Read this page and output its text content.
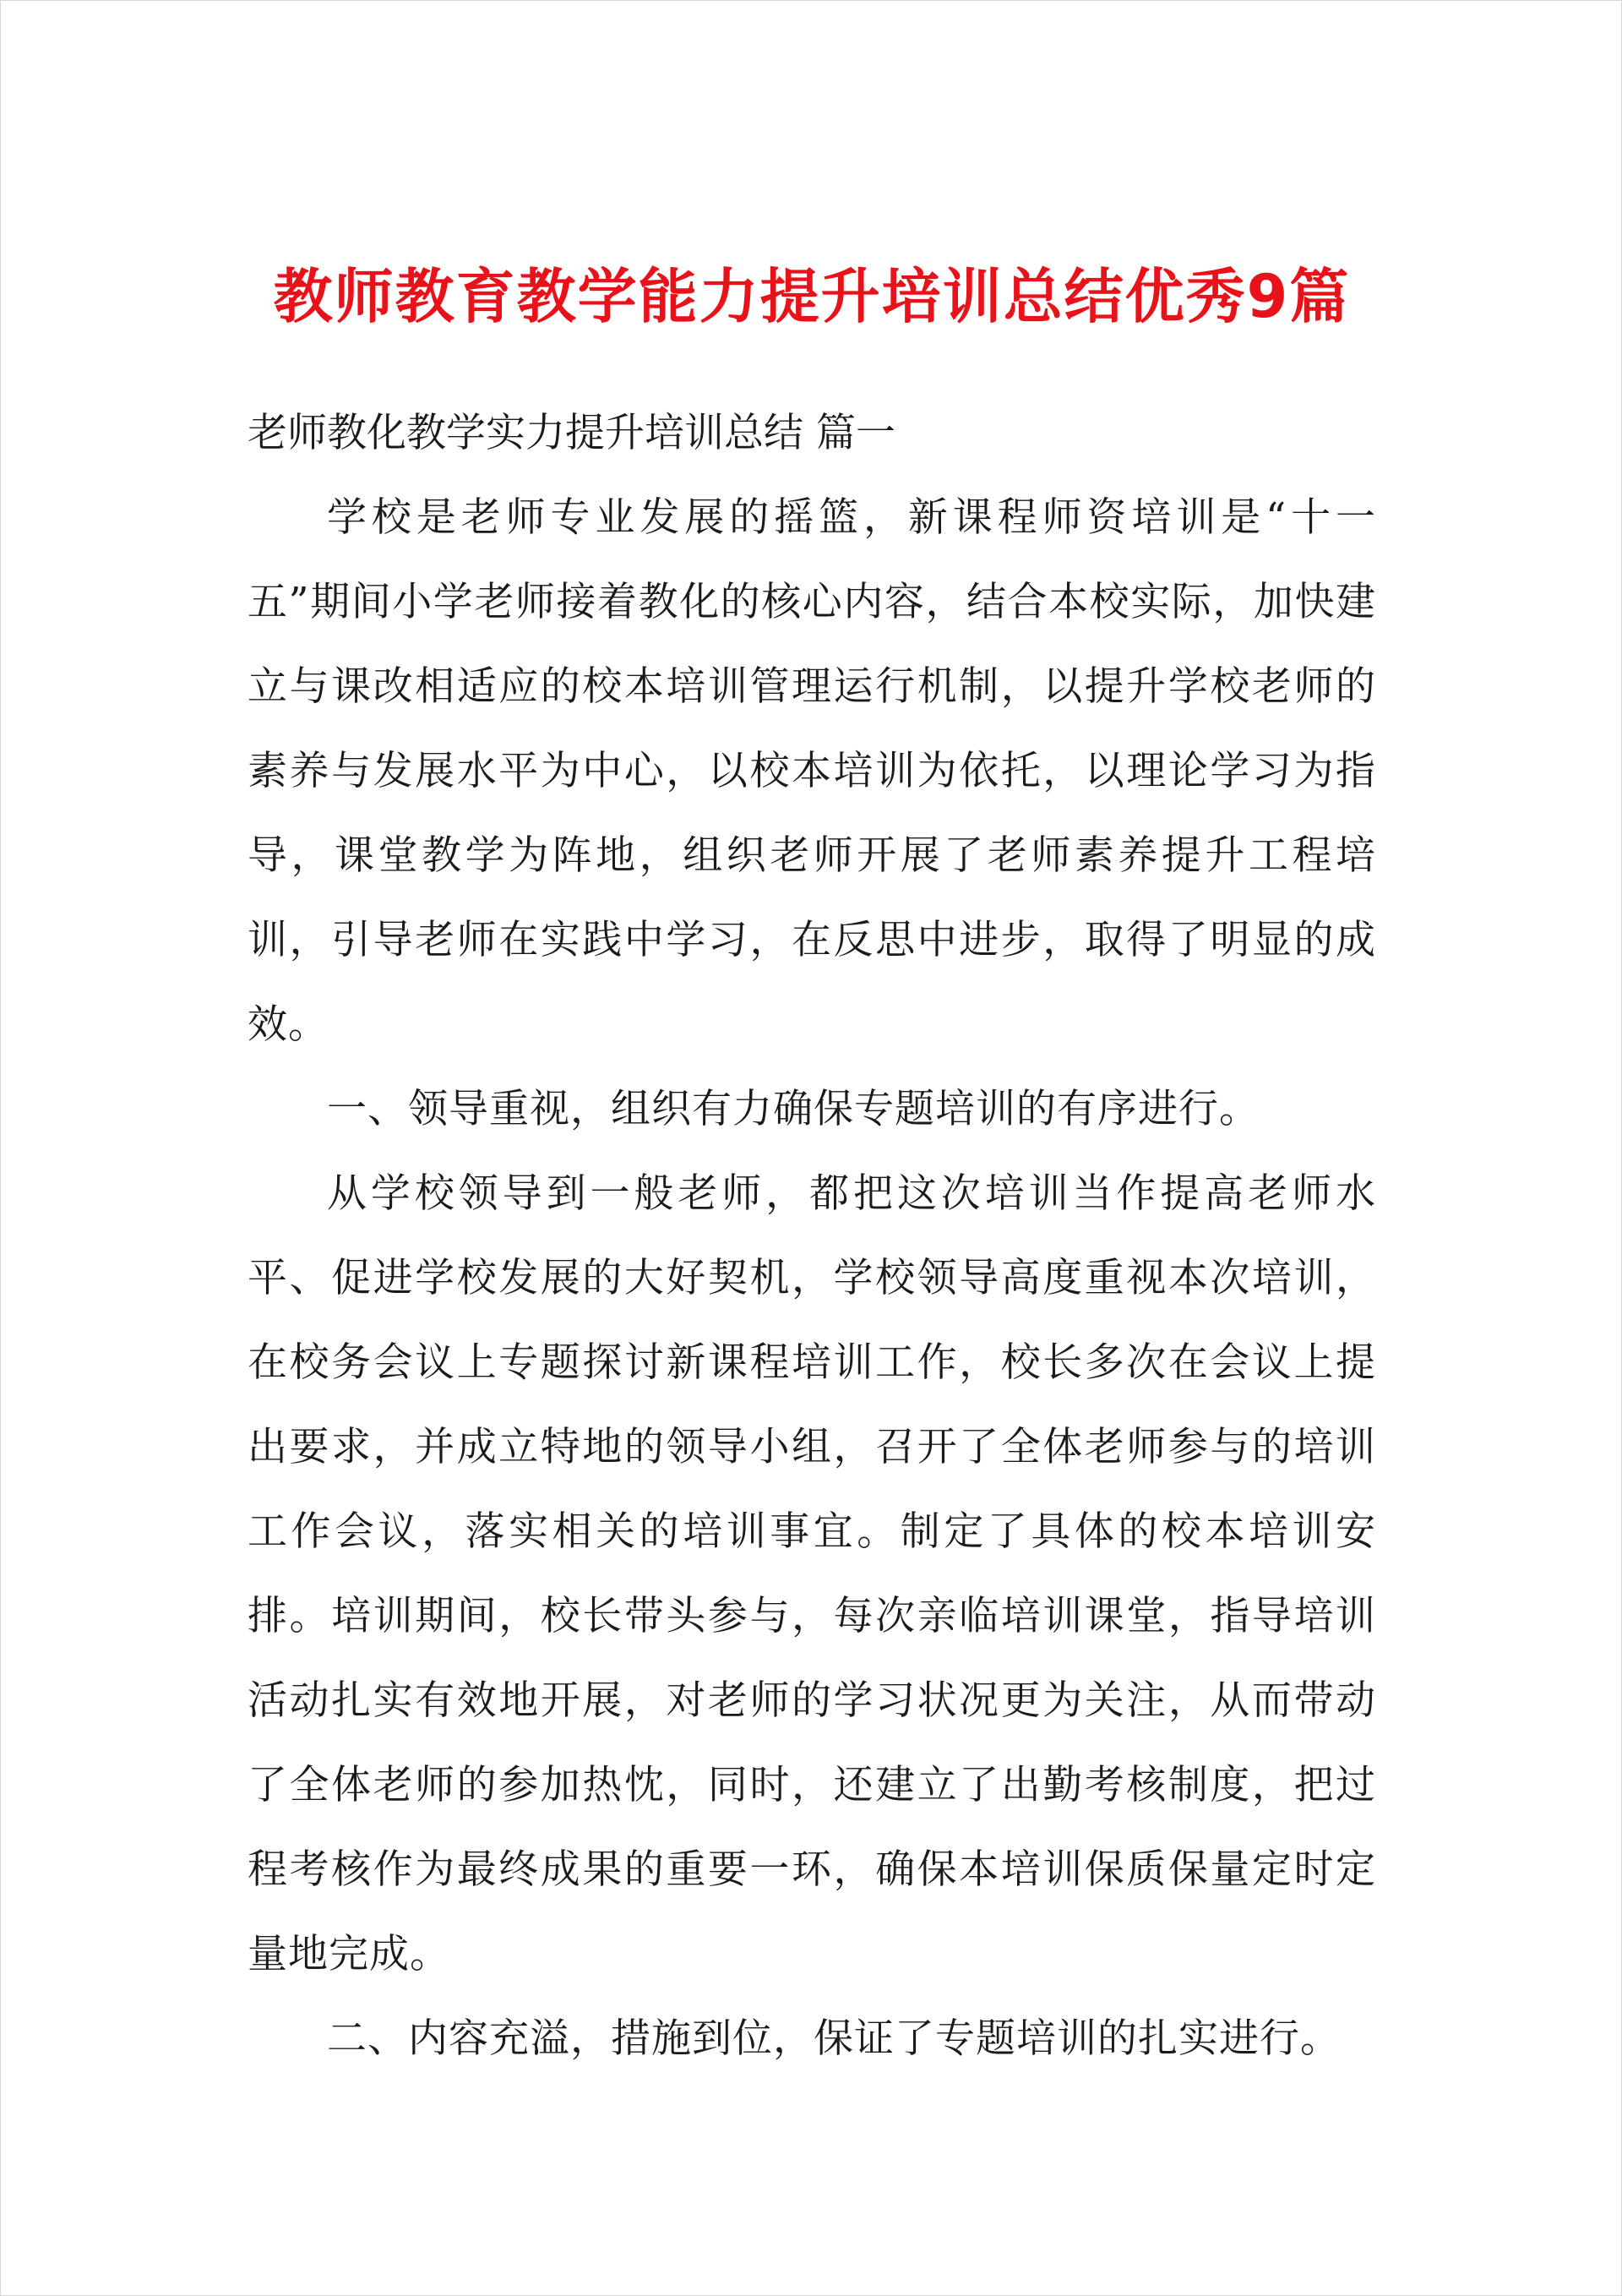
教师教育教学能力提升培训总结优秀9篇

老师教化教学实力提升培训总结 篇一

学校是老师专业发展的摇篮，新课程师资培训是“十一五”期间小学老师接着教化的核心内容，结合本校实际，加快建立与课改相适应的校本培训管理运行机制，以提升学校老师的素养与发展水平为中心，以校本培训为依托，以理论学习为指导，课堂教学为阵地，组织老师开展了老师素养提升工程培训，引导老师在实践中学习，在反思中进步，取得了明显的成效。

一、领导重视，组织有力确保专题培训的有序进行。

从学校领导到一般老师，都把这次培训当作提高老师水平、促进学校发展的大好契机，学校领导高度重视本次培训，在校务会议上专题探讨新课程培训工作，校长多次在会议上提出要求，并成立特地的领导小组，召开了全体老师参与的培训工作会议，落实相关的培训事宜。制定了具体的校本培训安排。培训期间，校长带头参与，每次亲临培训课堂，指导培训活动扎实有效地开展，对老师的学习状况更为关注，从而带动了全体老师的参加热忱，同时，还建立了出勤考核制度，把过程考核作为最终成果的重要一环，确保本培训保质保量定时定量地完成。

二、内容充溢，措施到位，保证了专题培训的扎实进行。
